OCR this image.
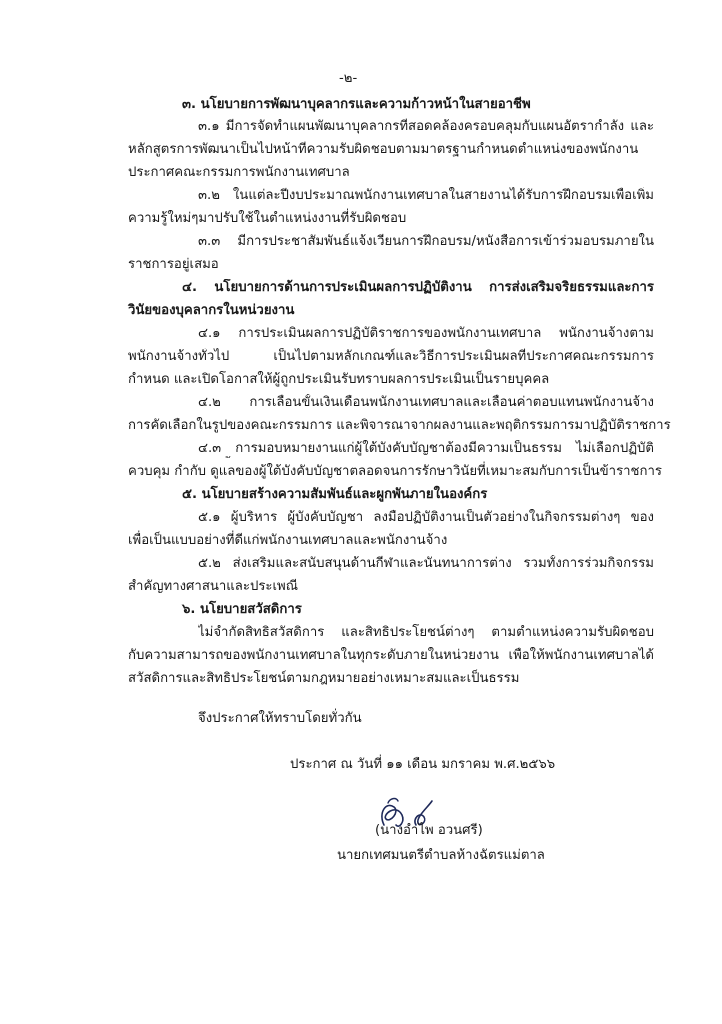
-๒-
๓. นโยบายการพัฒนาบุคลากรและความก้าวหน้าในสายอาชีพ
๓.๑ มีการจัดทำแผนพัฒนาบุคลากรที่สอดคล้องครอบคลุมกับแผนอัตรากำลัง และ
หลักสูตรการพัฒนาเป็นไปหน้าที่ความรับผิดชอบตามมาตรฐานกำหนดตำแหน่งของพนักงาน
ประกาศคณะกรรมการพนักงานเทศบาล
๓.๒ ในแต่ละปีงบประมาณพนักงานเทศบาลในสายงานได้รับการฝึกอบรมเพื่อเพิ่ม
ความรู้ใหม่ๆมาปรับใช้ในตำแหน่งงานที่รับผิดชอบ
๓.๓ มีการประชาสัมพันธ์แจ้งเวียนการฝึกอบรม/หนังสือการเข้าร่วมอบรมภายใน
ราชการอยู่เสมอ
๔. นโยบายการด้านการประเมินผลการปฏิบัติงาน การส่งเสริมจริยธรรมและการ
วินัยของบุคลากรในหน่วยงาน
๔.๑ การประเมินผลการปฏิบัติราชการของพนักงานเทศบาล พนักงานจ้างตาม
พนักงานจ้างทั่วไป เป็นไปตามหลักเกณฑ์และวิธีการประเมินผลที่ประกาศคณะกรรมการ
กำหนด และเปิดโอกาสให้ผู้ถูกประเมินรับทราบผลการประเมินเป็นรายบุคคล
๔.๒ การเลื่อนขั้นเงินเดือนพนักงานเทศบาลและเลื่อนค่าตอบแทนพนักงานจ้าง
การคัดเลือกในรูปของคณะกรรมการ และพิจารณาจากผลงานและพฤติกรรมการมาปฏิบัติราชการ
๔.๓ การมอบหมายงานแก่ผู้ใต้บังคับบัญชาต้องมีความเป็นธรรม ไม่เลือกปฏิบัติ
ควบคุม กำกับ ดูแลของผู้ใต้บังคับบัญชาตลอดจนการรักษาวินัยที่เหมาะสมกับการเป็นข้าราชการ
๕. นโยบายสร้างความสัมพันธ์และผูกพันภายในองค์กร
๕.๑ ผู้บริหาร ผู้บังคับบัญชา ลงมือปฏิบัติงานเป็นตัวอย่างในกิจกรรมต่างๆ ของ
เพื่อเป็นแบบอย่างที่ดีแก่พนักงานเทศบาลและพนักงานจ้าง
๕.๒ ส่งเสริมและสนับสนุนด้านกีฬาและนันทนาการต่าง รวมทั้งการร่วมกิจกรรม
สำคัญทางศาสนาและประเพณี
๖. นโยบายสวัสดิการ
ไม่จำกัดสิทธิสวัสดิการ และสิทธิประโยชน์ต่างๆ ตามตำแหน่งความรับผิดชอบ
กับความสามารถของพนักงานเทศบาลในทุกระดับภายในหน่วยงาน เพื่อให้พนักงานเทศบาลได้
สวัสดิการและสิทธิประโยชน์ตามกฎหมายอย่างเหมาะสมและเป็นธรรม
จึงประกาศให้ทราบโดยทั่วกัน
ประกาศ ณ วันที่ ๑๑ เดือน มกราคม พ.ศ.๒๕๖๖
(นางอำไพ อวนศรี)
นายกเทศมนตรีตำบลห้างฉัตรแม่ตาล
